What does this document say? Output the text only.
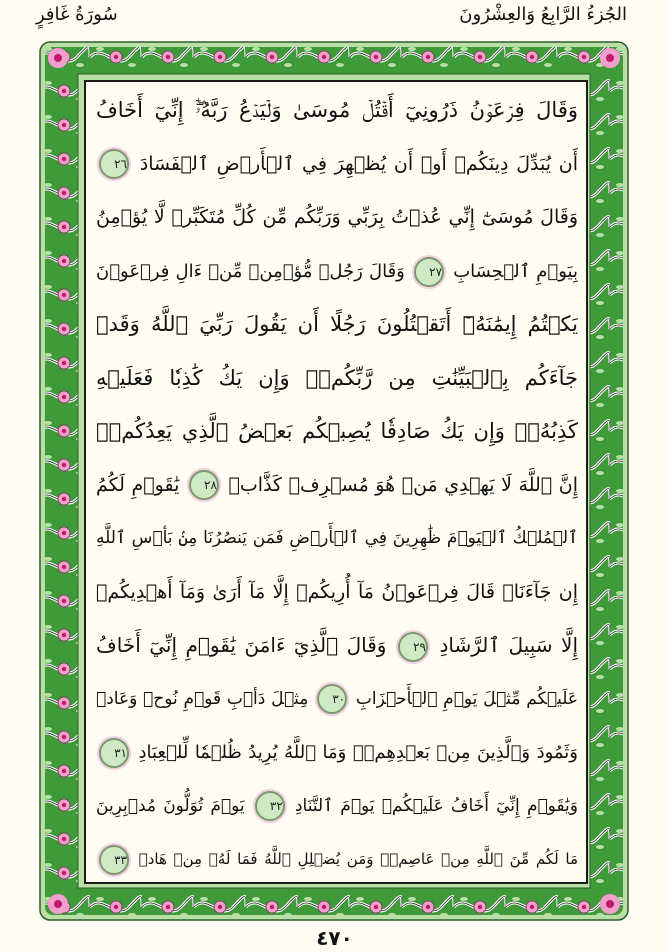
الجُزءُ الرَّابِعُ وَالعِشْرُونَ
سُورَةُ غَافِرٍ
وَقَالَ فِرۡعَوۡنُ ذَرُونِيٓ أَقۡتُلۡ مُوسَىٰ وَلۡيَدۡعُ رَبَّهُۥٓۖ إِنِّيٓ أَخَافُ
أَن يُبَدِّلَ دِينَكُمۡ أَوۡ أَن يُظۡهِرَ فِي ٱلۡأَرۡضِ ٱلۡفَسَادَ ٢٦
وَقَالَ مُوسَىٰٓ إِنِّي عُذۡتُ بِرَبِّي وَرَبِّكُم مِّن كُلِّ مُتَكَبِّرٖ لَّا يُؤۡمِنُ
بِيَوۡمِ ٱلۡحِسَابِ ٢٧ وَقَالَ رَجُلٞ مُّؤۡمِنٞ مِّنۡ ءَالِ فِرۡعَوۡنَ
يَكۡتُمُ إِيمَٰنَهُۥٓ أَتَقۡتُلُونَ رَجُلًا أَن يَقُولَ رَبِّيَ ٱللَّهُ وَقَدۡ
جَآءَكُم بِٱلۡبَيِّنَٰتِ مِن رَّبِّكُمۡۖ وَإِن يَكُ كَٰذِبٗا فَعَلَيۡهِ
كَذِبُهُۥۖ وَإِن يَكُ صَادِقٗا يُصِبۡكُم بَعۡضُ ٱلَّذِي يَعِدُكُمۡۖ
إِنَّ ٱللَّهَ لَا يَهۡدِي مَنۡ هُوَ مُسۡرِفٞ كَذَّابٞ ٢٨ يَٰقَوۡمِ لَكُمُ
ٱلۡمُلۡكُ ٱلۡيَوۡمَ ظَٰهِرِينَ فِي ٱلۡأَرۡضِ فَمَن يَنصُرُنَا مِنۢ بَأۡسِ ٱللَّهِ
إِن جَآءَنَاۚ قَالَ فِرۡعَوۡنُ مَآ أُرِيكُمۡ إِلَّا مَآ أَرَىٰ وَمَآ أَهۡدِيكُمۡ
إِلَّا سَبِيلَ ٱلرَّشَادِ ٢٩ وَقَالَ ٱلَّذِيٓ ءَامَنَ يَٰقَوۡمِ إِنِّيٓ أَخَافُ
عَلَيۡكُم مِّثۡلَ يَوۡمِ ٱلۡأَحۡزَابِ ٣٠ مِثۡلَ دَأۡبِ قَوۡمِ نُوحٖ وَعَادٖ
وَثَمُودَ وَٱلَّذِينَ مِنۢ بَعۡدِهِمۡۚ وَمَا ٱللَّهُ يُرِيدُ ظُلۡمٗا لِّلۡعِبَادِ ٣١
وَيَٰقَوۡمِ إِنِّيٓ أَخَافُ عَلَيۡكُمۡ يَوۡمَ ٱلتَّنَادِ ٣٢ يَوۡمَ تُوَلُّونَ مُدۡبِرِينَ
مَا لَكُم مِّنَ ٱللَّهِ مِنۡ عَاصِمٖۗ وَمَن يُضۡلِلِ ٱللَّهُ فَمَا لَهُۥ مِنۡ هَادٖ ٣٣
٤٧٠
